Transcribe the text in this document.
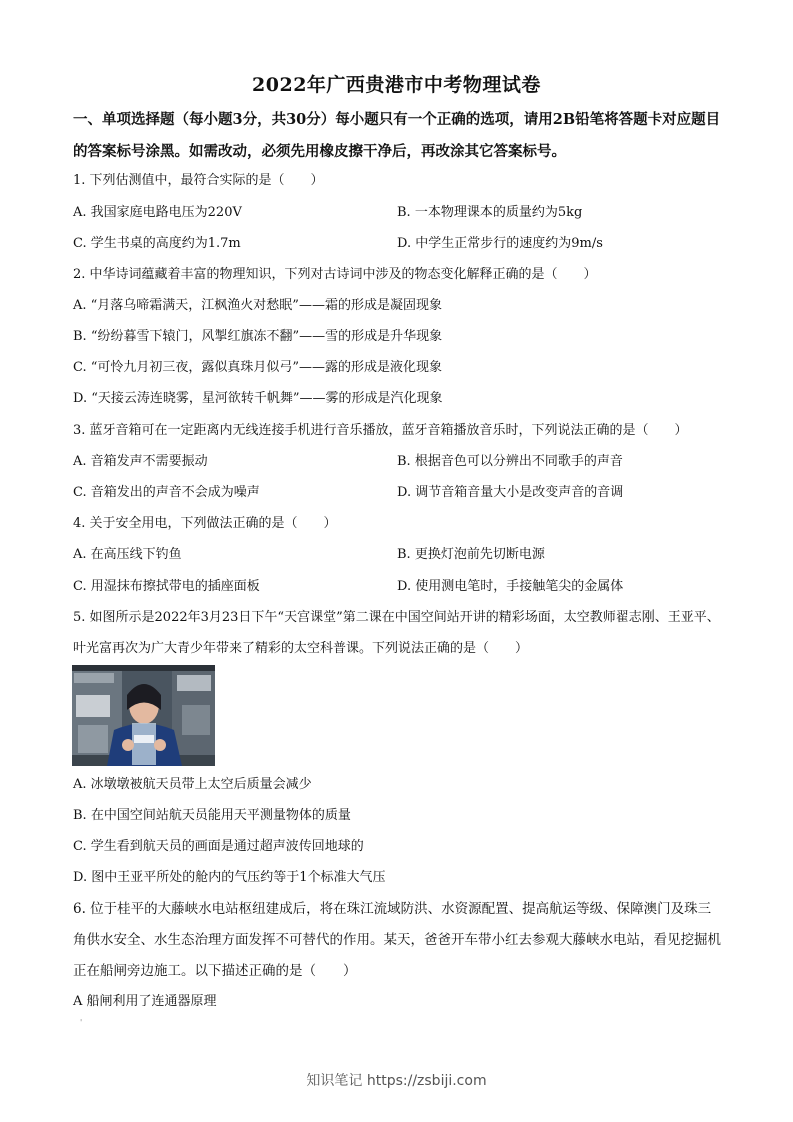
2022年广西贵港市中考物理试卷
一、单项选择题（每小题3分，共30分）每小题只有一个正确的选项，请用2B铅笔将答题卡对应题目的答案标号涂黑。如需改动，必须先用橡皮擦干净后，再改涂其它答案标号。
1. 下列估测值中，最符合实际的是（　　）
A. 我国家庭电路电压为220V	B. 一本物理课本的质量约为5kg
C. 学生书桌的高度约为1.7m	D. 中学生正常步行的速度约为9m/s
2. 中华诗词蕴藏着丰富的物理知识，下列对古诗词中涉及的物态变化解释正确的是（　　）
A. “月落乌啼霜满天，江枫渔火对愁眠”——霜的形成是凝固现象
B. “纷纷暮雪下辕门，风掣红旗冻不翻”——雪的形成是升华现象
C. “可怜九月初三夜，露似真珠月似弓”——露的形成是液化现象
D. “天接云涛连晓雾，星河欲转千帆舞”——雾的形成是汽化现象
3. 蓝牙音箱可在一定距离内无线连接手机进行音乐播放，蓝牙音箱播放音乐时，下列说法正确的是（　　）
A. 音箱发声不需要振动	B. 根据音色可以分辨出不同歌手的声音
C. 音箱发出的声音不会成为噪声	D. 调节音箱音量大小是改变声音的音调
4. 关于安全用电，下列做法正确的是（　　）
A. 在高压线下钓鱼	B. 更换灯泡前先切断电源
C. 用湿抹布擦拭带电的插座面板	D. 使用测电笔时，手接触笔尖的金属体
5. 如图所示是2022年3月23日下午“天宫课堂”第二课在中国空间站开讲的精彩场面，太空教师翟志刚、王亚平、叶光富再次为广大青少年带来了精彩的太空科普课。下列说法正确的是（　　）
A. 冰墩墩被航天员带上太空后质量会减少
B. 在中国空间站航天员能用天平测量物体的质量
C. 学生看到航天员的画面是通过超声波传回地球的
D. 图中王亚平所处的舱内的气压约等于1个标准大气压
6. 位于桂平的大藤峡水电站枢纽建成后，将在珠江流域防洪、水资源配置、提高航运等级、保障澳门及珠三角供水安全、水生态治理方面发挥不可替代的作用。某天，爸爸开车带小红去参观大藤峡水电站，看见挖掘机正在船闸旁边施工。以下描述正确的是（　　）
A 船闸利用了连通器原理
'
知识笔记 https://zsbiji.com
